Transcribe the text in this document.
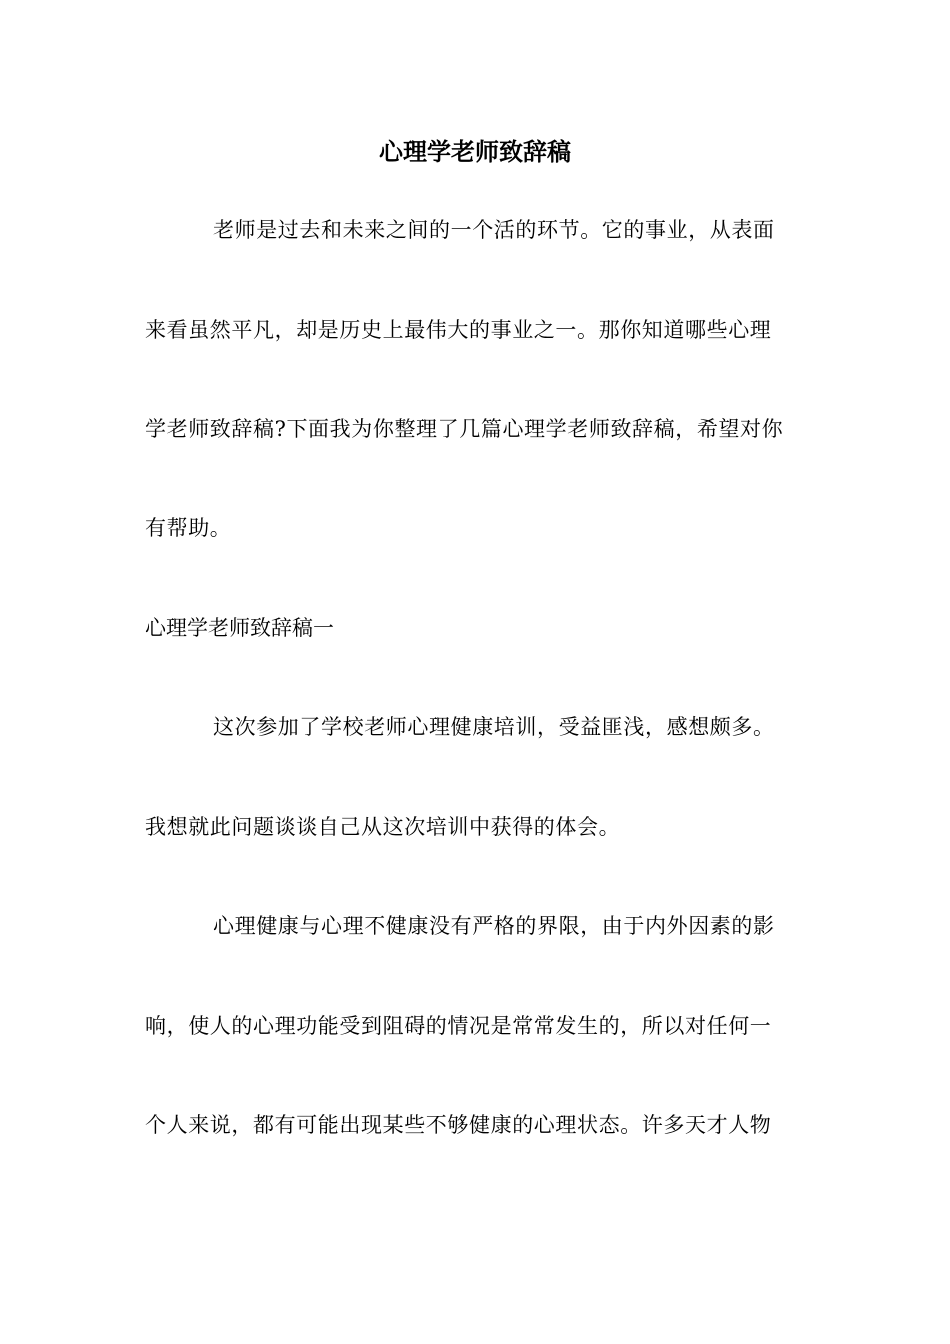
心理学老师致辞稿

老师是过去和未来之间的一个活的环节。它的事业，从表面

来看虽然平凡，却是历史上最伟大的事业之一。那你知道哪些心理

学老师致辞稿?下面我为你整理了几篇心理学老师致辞稿，希望对你

有帮助。

心理学老师致辞稿一

这次参加了学校老师心理健康培训，受益匪浅，感想颇多。

我想就此问题谈谈自己从这次培训中获得的体会。

心理健康与心理不健康没有严格的界限，由于内外因素的影

响，使人的心理功能受到阻碍的情况是常常发生的，所以对任何一

个人来说，都有可能出现某些不够健康的心理状态。许多天才人物
